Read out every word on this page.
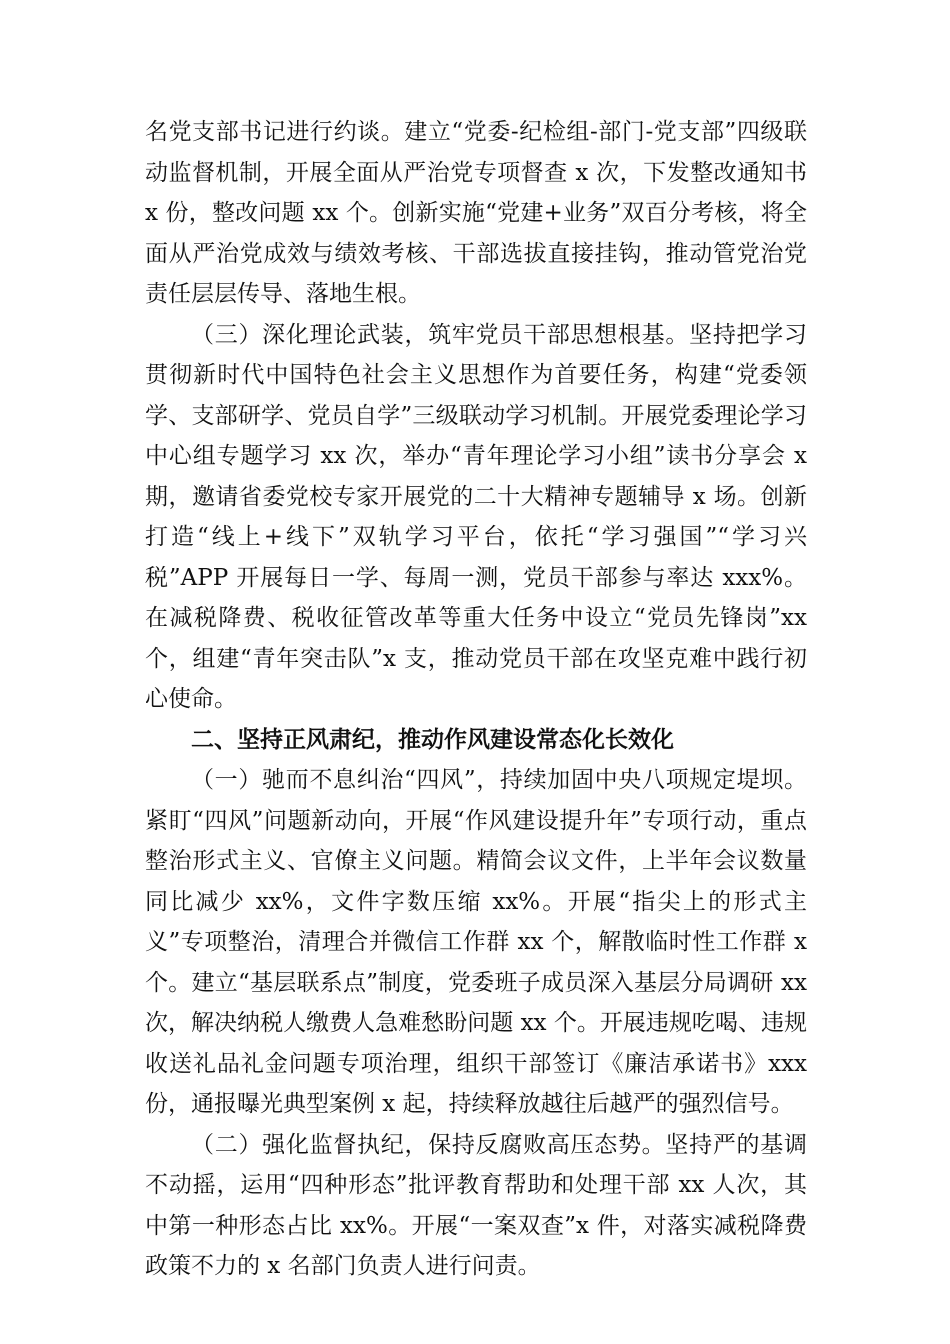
名党支部书记进行约谈。建立“党委-纪检组-部门-党支部”四级联动监督机制，开展全面从严治党专项督查 x 次，下发整改通知书 x 份，整改问题 xx 个。创新实施“党建+业务”双百分考核，将全面从严治党成效与绩效考核、干部选拔直接挂钩，推动管党治党责任层层传导、落地生根。

（三）深化理论武装，筑牢党员干部思想根基。坚持把学习贯彻新时代中国特色社会主义思想作为首要任务，构建“党委领学、支部研学、党员自学”三级联动学习机制。开展党委理论学习中心组专题学习 xx 次，举办“青年理论学习小组”读书分享会 x 期，邀请省委党校专家开展党的二十大精神专题辅导 x 场。创新打造“线上+线下”双轨学习平台，依托“学习强国”“学习兴税”APP 开展每日一学、每周一测，党员干部参与率达 xxx%。在减税降费、税收征管改革等重大任务中设立“党员先锋岗”xx 个，组建“青年突击队”x 支，推动党员干部在攻坚克难中践行初心使命。

二、坚持正风肃纪，推动作风建设常态化长效化

（一）驰而不息纠治“四风”，持续加固中央八项规定堤坝。紧盯“四风”问题新动向，开展“作风建设提升年”专项行动，重点整治形式主义、官僚主义问题。精简会议文件，上半年会议数量同比减少 xx%，文件字数压缩 xx%。开展“指尖上的形式主义”专项整治，清理合并微信工作群 xx 个，解散临时性工作群 x 个。建立“基层联系点”制度，党委班子成员深入基层分局调研 xx 次，解决纳税人缴费人急难愁盼问题 xx 个。开展违规吃喝、违规收送礼品礼金问题专项治理，组织干部签订《廉洁承诺书》xxx 份，通报曝光典型案例 x 起，持续释放越往后越严的强烈信号。

（二）强化监督执纪，保持反腐败高压态势。坚持严的基调不动摇，运用“四种形态”批评教育帮助和处理干部 xx 人次，其中第一种形态占比 xx%。开展“一案双查”x 件，对落实减税降费政策不力的 x 名部门负责人进行问责。
